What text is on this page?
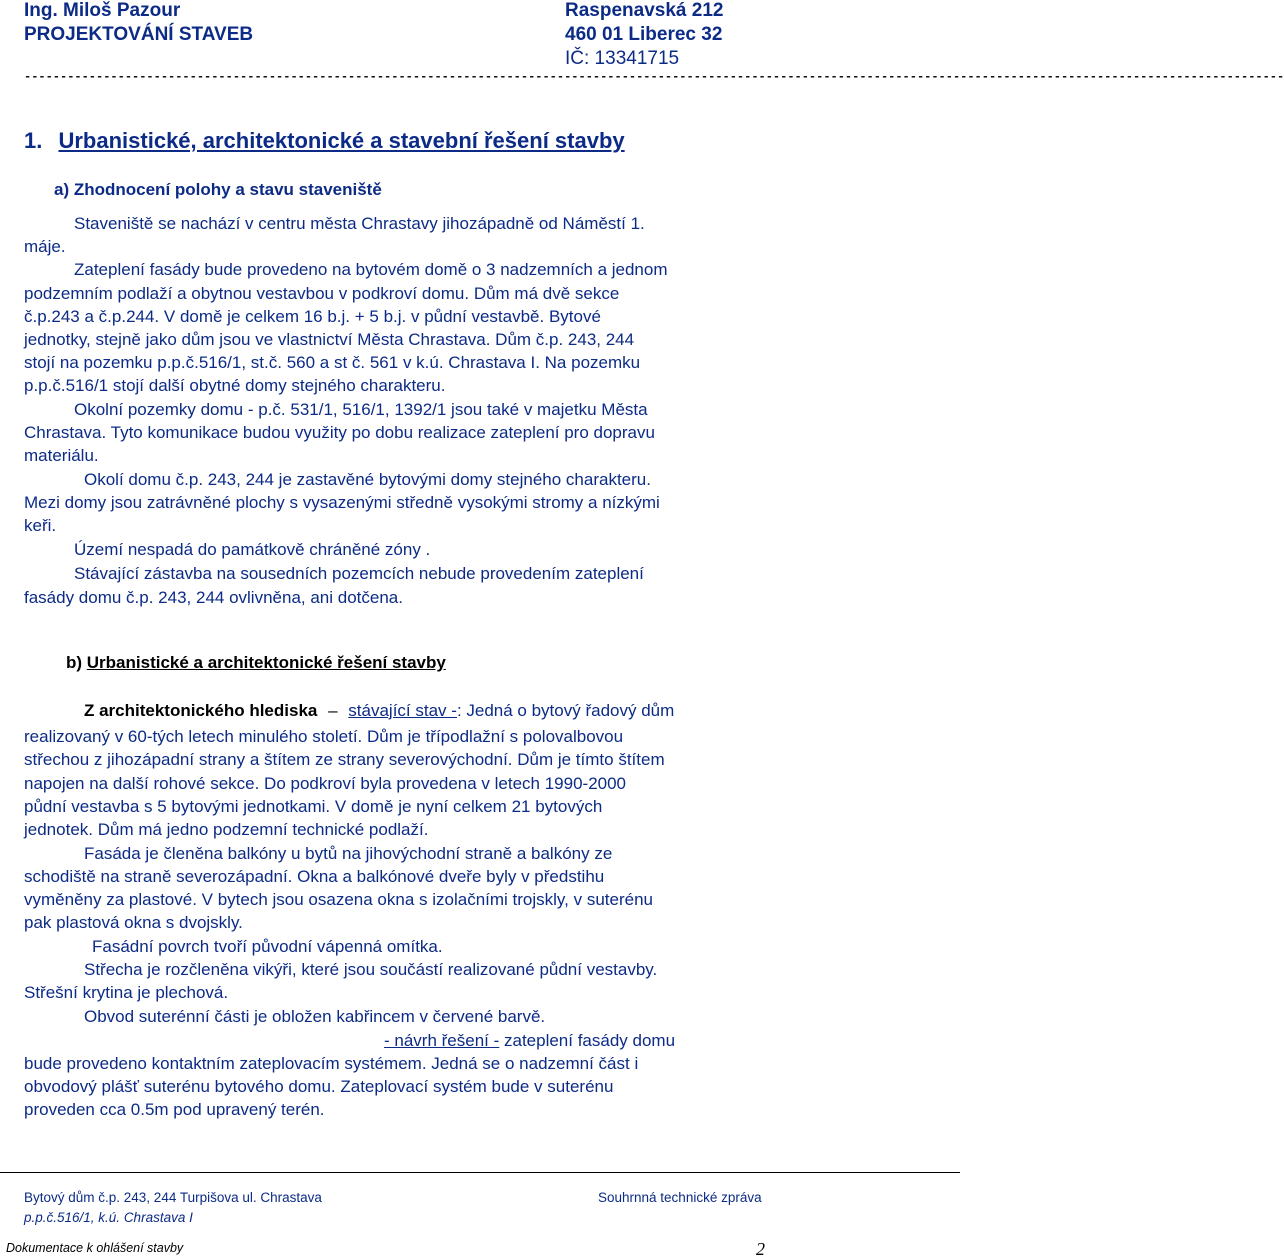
Ing. Miloš Pazour
PROJEKTOVÁNÍ STAVEB
Raspenavská 212
460 01 Liberec 32
IČ: 13341715
-------------------------------------------------------------------------------------------------------------------------------------------------------------------------------
1. Urbanistické, architektonické a stavební řešení stavby
a) Zhodnocení polohy a stavu staveniště
Staveniště se nachází v centru města Chrastavy jihozápadně od Náměstí 1.
máje.
Zateplení fasády bude provedeno na bytovém domě o 3 nadzemních a jednom
podzemním podlaží a obytnou vestavbou v podkroví domu. Dům má dvě sekce
č.p.243 a č.p.244. V domě je celkem 16 b.j. + 5 b.j. v půdní vestavbě. Bytové
jednotky, stejně jako dům jsou ve vlastnictví Města Chrastava. Dům č.p. 243, 244
stojí na pozemku p.p.č.516/1, st.č. 560 a st č. 561 v k.ú. Chrastava I. Na pozemku
p.p.č.516/1 stojí další obytné domy stejného charakteru.
Okolní pozemky domu - p.č. 531/1, 516/1, 1392/1 jsou také v majetku Města
Chrastava. Tyto komunikace budou využity po dobu realizace zateplení pro dopravu
materiálu.
Okolí domu č.p. 243, 244 je zastavěné bytovými domy stejného charakteru.
Mezi domy jsou zatrávněné plochy s vysazenými středně vysokými stromy a nízkými
keři.
Území nespadá do památkově chráněné zóny .
Stávající zástavba na sousedních pozemcích nebude provedením zateplení
fasády domu č.p. 243, 244 ovlivněna, ani dotčena.
b) Urbanistické a architektonické řešení stavby
Z architektonického hlediska – stávající stav -: Jedná o bytový řadový dům
realizovaný v 60-tých letech minulého století. Dům je třípodlažní s polovalbovou
střechou z jihozápadní strany a štítem ze strany severovýchodní. Dům je tímto štítem
napojen na další rohové sekce. Do podkroví byla provedena v letech 1990-2000
půdní vestavba s 5 bytovými jednotkami. V domě je nyní celkem 21 bytových
jednotek. Dům má jedno podzemní technické podlaží.
Fasáda je členěna balkóny u bytů na jihovýchodní straně a balkóny ze
schodiště na straně severozápadní. Okna a balkónové dveře byly v předstihu
vyměněny za plastové. V bytech jsou osazena okna s izolačními trojskly, v suterénu
pak plastová okna s dvojskly.
Fasádní povrch tvoří původní vápenná omítka.
Střecha je rozčleněna vikýři, které jsou součástí realizované půdní vestavby.
Střešní krytina je plechová.
Obvod suterénní části je obložen kabřincem v červené barvě.
- návrh řešení - zateplení fasády domu
bude provedeno kontaktním zateplovacím systémem. Jedná se o nadzemní část i
obvodový plášť suterénu bytového domu. Zateplovací systém bude v suterénu
proveden cca 0.5m pod upravený terén.
Bytový dům č.p. 243, 244 Turpišova ul. Chrastava
p.p.č.516/1, k.ú. Chrastava I
Souhrnná technické zpráva
Dokumentace k ohlášení stavby	2
